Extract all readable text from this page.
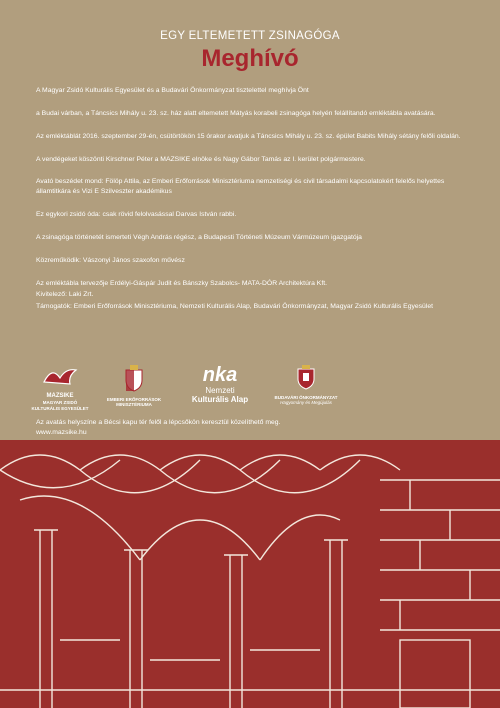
EGY ELTEMETETT ZSINAGÓGA
Meghívó

A Magyar Zsidó Kulturális Egyesület és a Budavári Önkormányzat tisztelettel meghívja Önt

a Budai várban, a Táncsics Mihály u. 23. sz. ház alatt eltemetett Mátyás korabeli zsinagóga helyén felállítandó emléktábla avatására.

Az emléktáblát 2016. szeptember 29-én, csütörtökön 15 órakor avatjuk a Táncsics Mihály u. 23. sz. épület Babits Mihály sétány felőli oldalán.

A vendégeket köszönti Kirschner Péter a MAZSIKE elnöke és Nagy Gábor Tamás az I. kerület polgármestere.

Avató beszédet mond: Fölöp Attila, az Emberi Erőforrások Minisztériuma nemzetiségi és civil társadalmi kapcsolatokért felelős helyettes államtitkára és Vizi E Szilveszter akadémikus

Ez egykori zsidó óda: csak rövid felolvasással Darvas István rabbi.

A zsinagóga történetét ismerteti Végh András régész, a Budapesti Történeti Múzeum Vármúzeum igazgatója

Közreműködik: Vászonyi János szaxofon művész

Az emléktábla tervezője Erdélyi-Gáspár Judit és Bánszky Szabolcs- MATA-DÓR Architektúra Kft.

Kivitelező: Laki Zrt.

Támogatók: Emberi Erőforrások Minisztériuma, Nemzeti Kulturális Alap, Budavári Önkormányzat, Magyar Zsidó Kulturális Egyesület

MAZSIKE
MAGYAR ZSIDÓ KULTURÁLIS EGYESÜLET
EMBERI ERŐFORRÁSOK MINISZTÉRIUMA
nka
Nemzeti
Kulturális Alap	BUDAVÁRI ÖNKORMÁNYZAT
Hagyomány és Megújulás
Az avatás helyszíne a Bécsi kapu tér felől a lépcsőkön keresztül közelíthető meg.
www.mazsike.hu
